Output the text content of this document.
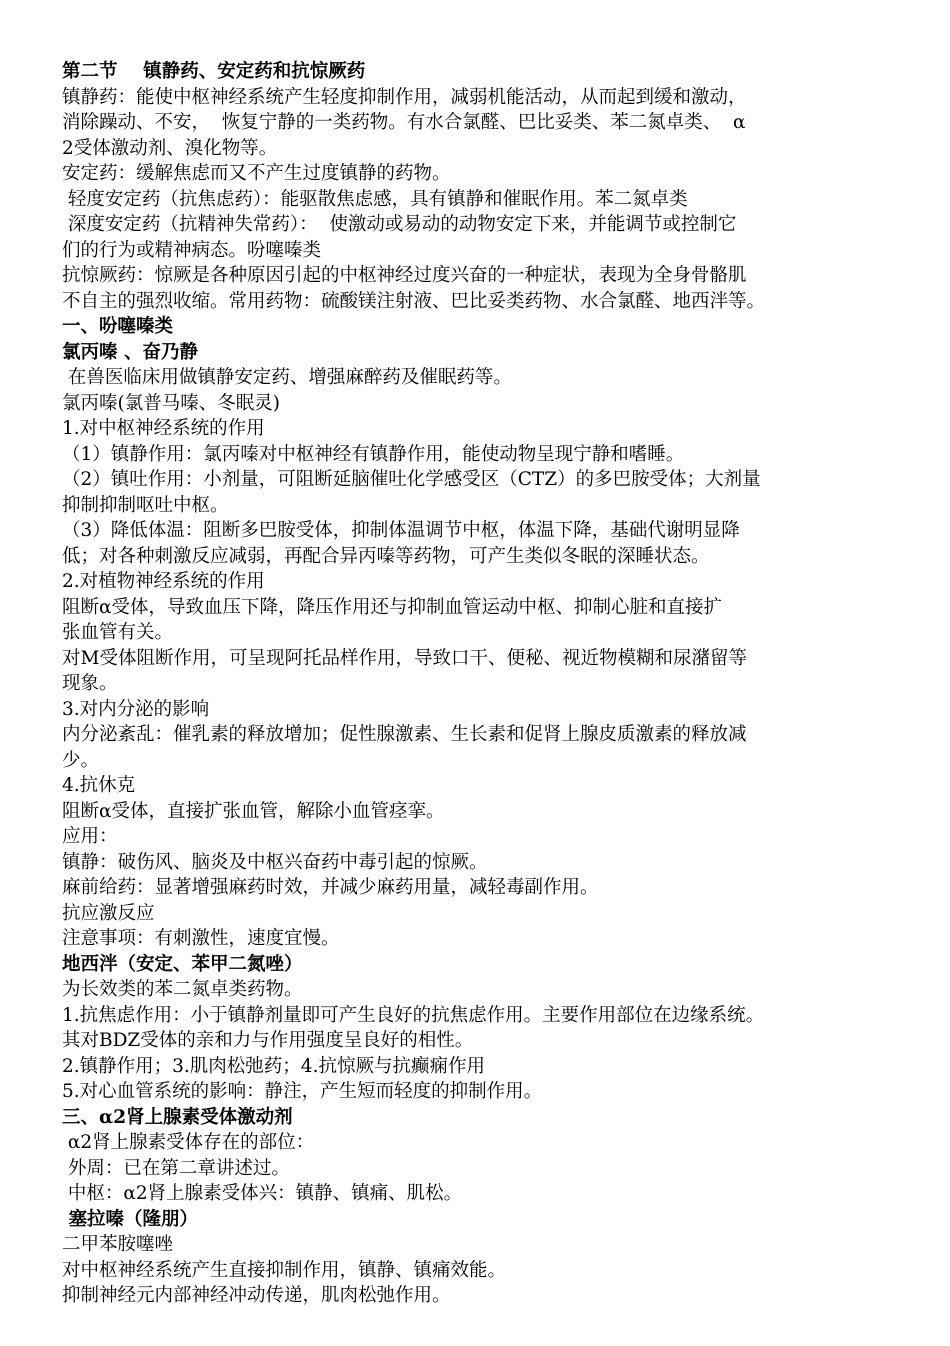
第二节    镇静药、安定药和抗惊厥药
镇静药：能使中枢神经系统产生轻度抑制作用，减弱机能活动，从而起到缓和激动，
消除躁动、不安，  恢复宁静的一类药物。有水合氯醛、巴比妥类、苯二氮卓类、  α
2受体激动剂、溴化物等。
安定药：缓解焦虑而又不产生过度镇静的药物。
轻度安定药（抗焦虑药）：能驱散焦虑感，具有镇静和催眠作用。苯二氮卓类
深度安定药（抗精神失常药）：  使激动或易动的动物安定下来，并能调节或控制它
们的行为或精神病态。吩噻嗪类
抗惊厥药：惊厥是各种原因引起的中枢神经过度兴奋的一种症状，表现为全身骨骼肌
不自主的强烈收缩。常用药物：硫酸镁注射液、巴比妥类药物、水合氯醛、地西泮等。
一、吩噻嗪类
氯丙嗪 、奋乃静
在兽医临床用做镇静安定药、增强麻醉药及催眠药等。
氯丙嗪(氯普马嗪、冬眠灵)
1.对中枢神经系统的作用
（1）镇静作用：氯丙嗪对中枢神经有镇静作用，能使动物呈现宁静和嗜睡。
（2）镇吐作用：小剂量，可阻断延脑催吐化学感受区（CTZ）的多巴胺受体；大剂量
抑制抑制呕吐中枢。
（3）降低体温：阻断多巴胺受体，抑制体温调节中枢，体温下降，基础代谢明显降
低；对各种刺激反应减弱，再配合异丙嗪等药物，可产生类似冬眠的深睡状态。
2.对植物神经系统的作用
阻断α受体，导致血压下降，降压作用还与抑制血管运动中枢、抑制心脏和直接扩
张血管有关。
对M受体阻断作用，可呈现阿托品样作用，导致口干、便秘、视近物模糊和尿潴留等
现象。
3.对内分泌的影响
内分泌紊乱：催乳素的释放增加；促性腺激素、生长素和促肾上腺皮质激素的释放减
少。
4.抗休克
阻断α受体，直接扩张血管，解除小血管痉挛。
应用：
镇静：破伤风、脑炎及中枢兴奋药中毒引起的惊厥。
麻前给药：显著增强麻药时效，并减少麻药用量，减轻毒副作用。
抗应激反应
注意事项：有刺激性，速度宜慢。
地西泮（安定、苯甲二氮唑）
为长效类的苯二氮卓类药物。
1.抗焦虑作用：小于镇静剂量即可产生良好的抗焦虑作用。主要作用部位在边缘系统。
其对BDZ受体的亲和力与作用强度呈良好的相性。
2.镇静作用；3.肌肉松弛药；4.抗惊厥与抗癫痫作用
5.对心血管系统的影响：静注，产生短而轻度的抑制作用。
三、α2肾上腺素受体激动剂
α2肾上腺素受体存在的部位：
外周：已在第二章讲述过。
中枢：α2肾上腺素受体兴：镇静、镇痛、肌松。
塞拉嗪（隆朋）
二甲苯胺噻唑
对中枢神经系统产生直接抑制作用，镇静、镇痛效能。
抑制神经元内部神经冲动传递，肌肉松弛作用。
